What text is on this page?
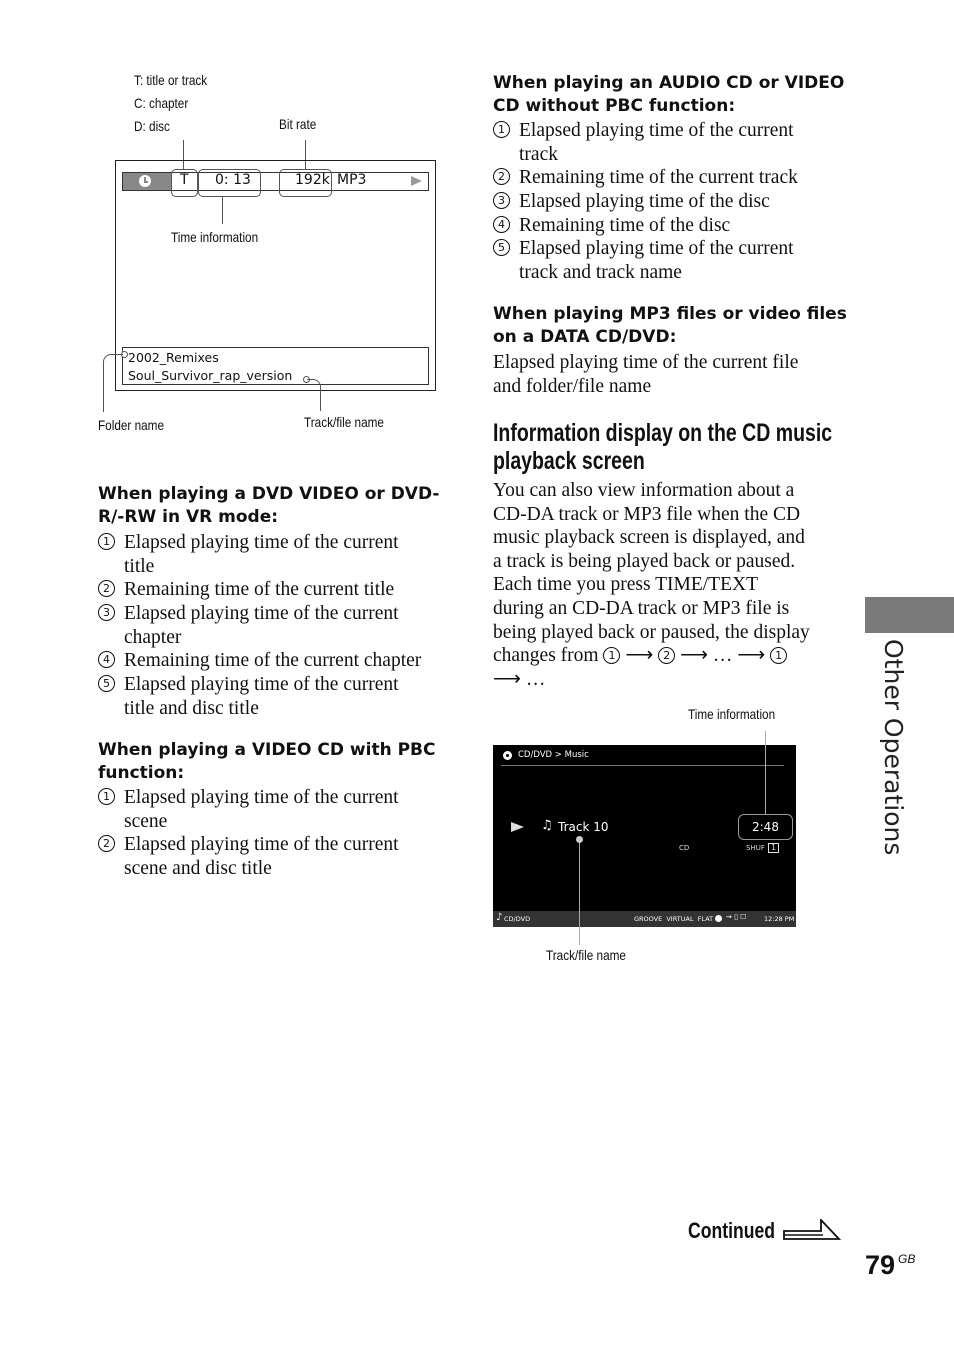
T: title or track
C: chapter
D: disc	Bit rate
T 0: 13	192k MP3
2002_Remixes
Soul_Survivor_rap_version
Time information
Folder name	Track/file name
When playing a DVD VIDEO or DVD-
R/-RW in VR mode:
1 Elapsed playing time of the current
title
2 Remaining time of the current title
3 Elapsed playing time of the current
chapter
4 Remaining time of the current chapter
5 Elapsed playing time of the current
title and disc title
When playing a VIDEO CD with PBC
function:
1 Elapsed playing time of the current
scene
2 Elapsed playing time of the current
scene and disc title
When playing an AUDIO CD or VIDEO
CD without PBC function:
1 Elapsed playing time of the current
track
2 Remaining time of the current track
3 Elapsed playing time of the disc
4 Remaining time of the disc
5 Elapsed playing time of the current
track and track name
When playing MP3 files or video files
on a DATA CD/DVD:
Elapsed playing time of the current file
and folder/file name
Information display on the CD music
playback screen
You can also view information about a
CD-DA track or MP3 file when the CD
music playback screen is displayed, and
a track is being played back or paused.
Each time you press TIME/TEXT
during an CD-DA track or MP3 file is
being played back or paused, the display
changes from 1 ⟶ 2 ⟶ … ⟶ 1
⟶ …
Time information
CD/DVD > Music
♫ Track 10	2:48
CD	SHUF 1
♪ CD/DVD	GROOVE  VIRTUAL  FLAT ⇝ ▯ ☐	12:28 PM
Track/file name
Other Operations
Continued
79 GB
